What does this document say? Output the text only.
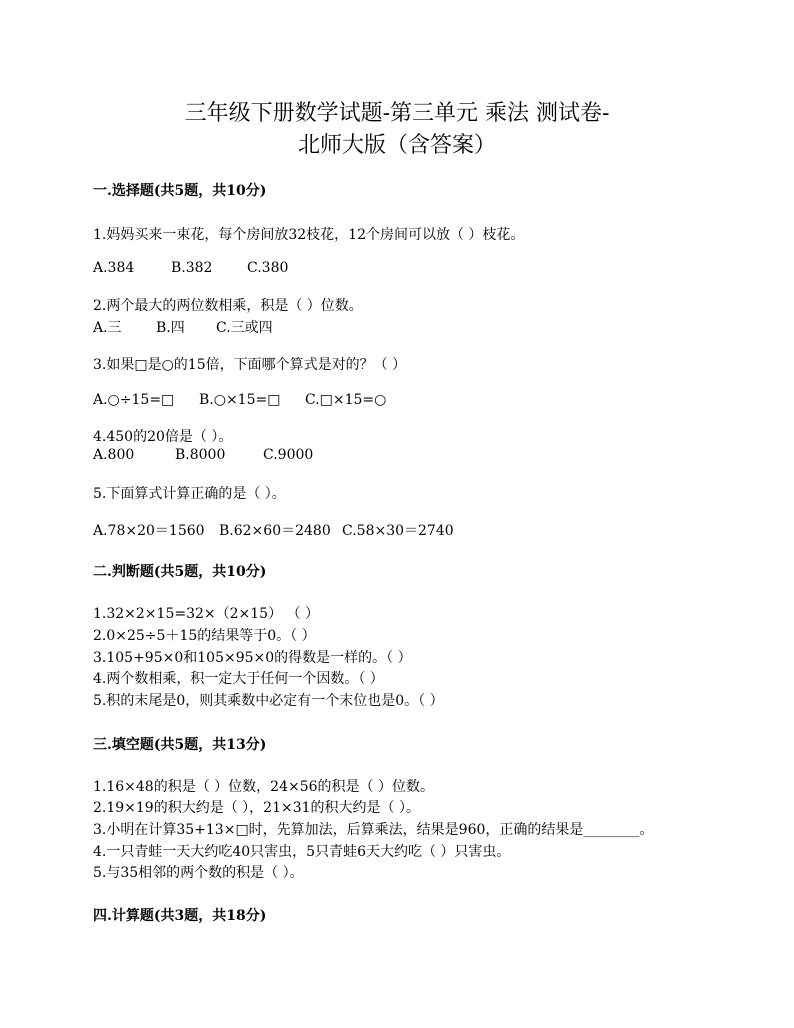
三年级下册数学试题-第三单元 乘法 测试卷-
北师大版（含答案）
一.选择题(共5题，共10分)
1.妈妈买来一束花，每个房间放32枝花，12个房间可以放（ ）枝花。
A.384	B.382 C.380
2.两个最大的两位数相乘，积是（ ）位数。
A.三 B.四 C.三或四
3.如果□是○的15倍，下面哪个算式是对的？（ ）
A.○÷15=□ B.○×15=□ C.□×15=○
4.450的20倍是（ ）。
A.800	B.8000	C.9000
5.下面算式计算正确的是（ ）。
A.78×20＝1560 B.62×60＝2480 C.58×30＝2740
二.判断题(共5题，共10分)
1.32×2×15=32×（2×15） （ ）
2.0×25÷5＋15的结果等于0。（ ）
3.105+95×0和105×95×0的得数是一样的。（ ）
4.两个数相乘，积一定大于任何一个因数。（ ）
5.积的末尾是0，则其乘数中必定有一个末位也是0。（ ）
三.填空题(共5题，共13分)
1.16×48的积是（ ）位数，24×56的积是（ ）位数。
2.19×19的积大约是（ ），21×31的积大约是（ ）。
3.小明在计算35+13×□时，先算加法，后算乘法，结果是960，正确的结果是________。
4.一只青蛙一天大约吃40只害虫，5只青蛙6天大约吃（ ）只害虫。
5.与35相邻的两个数的积是（ ）。
四.计算题(共3题，共18分)
